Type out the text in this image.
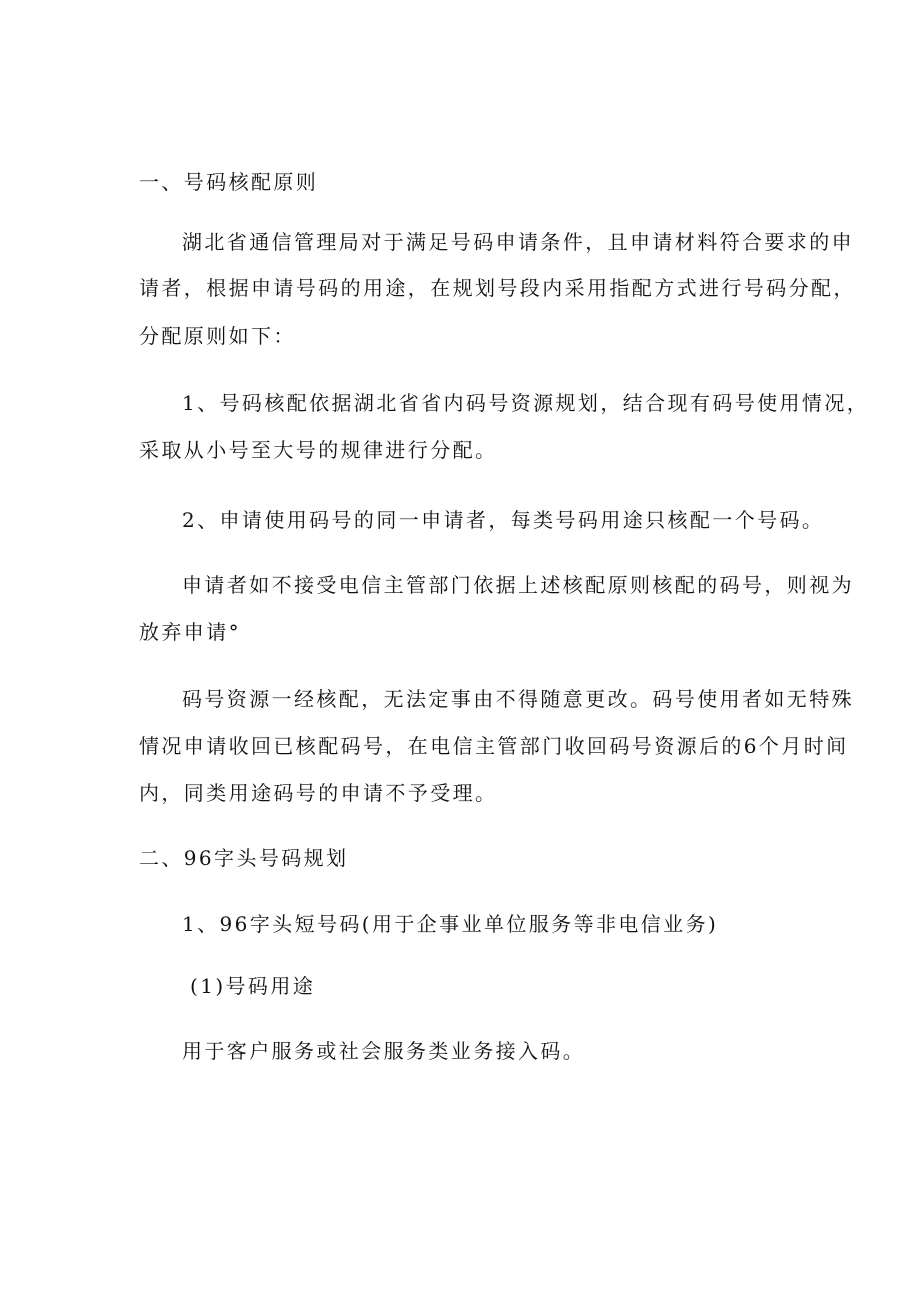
一、号码核配原则
湖北省通信管理局对于满足号码申请条件，且申请材料符合要求的申
请者，根据申请号码的用途，在规划号段内采用指配方式进行号码分配，
分配原则如下：
1、号码核配依据湖北省省内码号资源规划，结合现有码号使用情况，
采取从小号至大号的规律进行分配。
2、申请使用码号的同一申请者，每类号码用途只核配一个号码。
申请者如不接受电信主管部门依据上述核配原则核配的码号，则视为
放弃申请°
码号资源一经核配，无法定事由不得随意更改。码号使用者如无特殊
情况申请收回已核配码号，在电信主管部门收回码号资源后的6个月时间
内，同类用途码号的申请不予受理。
二、96字头号码规划
1、96字头短号码(用于企事业单位服务等非电信业务)
(1)号码用途
用于客户服务或社会服务类业务接入码。
